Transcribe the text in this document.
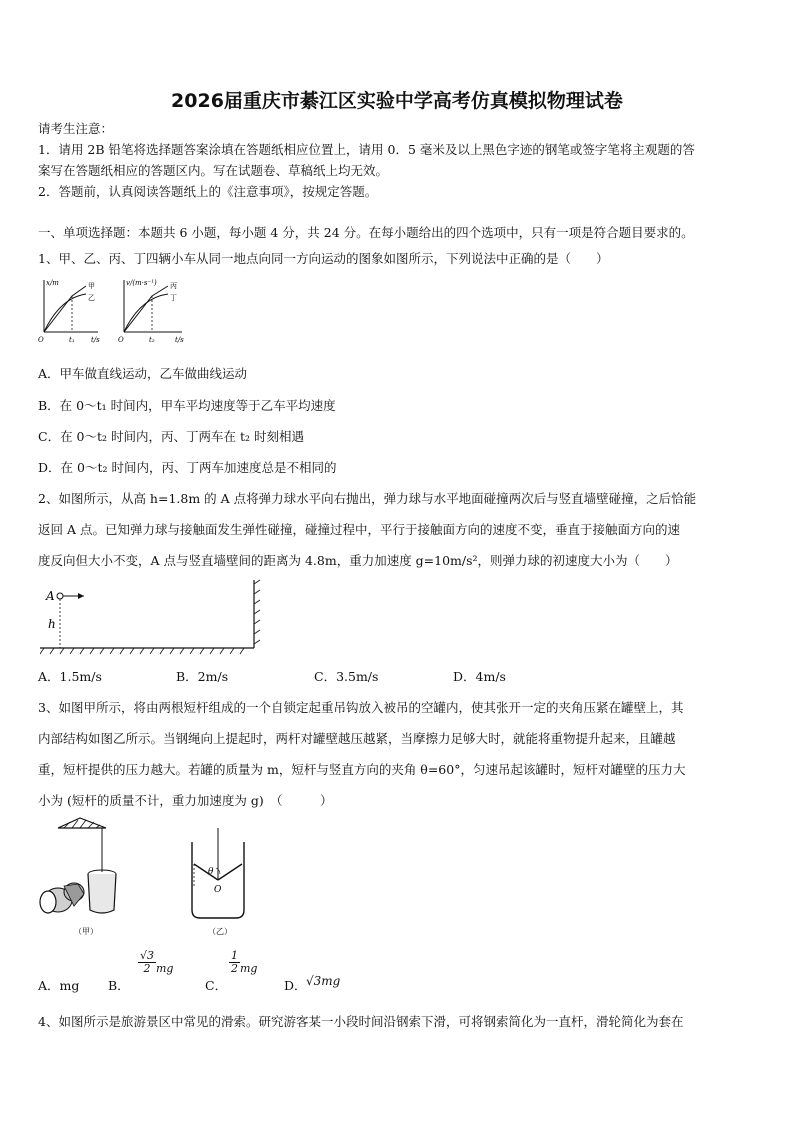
2026届重庆市綦江区实验中学高考仿真模拟物理试卷
请考生注意：
1．请用 2B 铅笔将选择题答案涂填在答题纸相应位置上，请用 0．5 毫米及以上黑色字迹的钢笔或签字笔将主观题的答
案写在答题纸相应的答题区内。写在试题卷、草稿纸上均无效。
2．答题前，认真阅读答题纸上的《注意事项》，按规定答题。
一、单项选择题：本题共 6 小题，每小题 4 分，共 24 分。在每小题给出的四个选项中，只有一项是符合题目要求的。
1、甲、乙、丙、丁四辆小车从同一地点向同一方向运动的图象如图所示，下列说法中正确的是（　　）
x/m
O	t₁ t/s
甲
乙
v/(m·s⁻¹)
O	t₂	t/s
丙
丁
A．甲车做直线运动，乙车做曲线运动
B．在 0～t₁ 时间内，甲车平均速度等于乙车平均速度
C．在 0～t₂ 时间内，丙、丁两车在 t₂ 时刻相遇
D．在 0～t₂ 时间内，丙、丁两车加速度总是不相同的
2、如图所示，从高 h=1.8m 的 A 点将弹力球水平向右抛出，弹力球与水平地面碰撞两次后与竖直墙壁碰撞，之后恰能
返回 A 点。已知弹力球与接触面发生弹性碰撞，碰撞过程中，平行于接触面方向的速度不变，垂直于接触面方向的速
度反向但大小不变，A 点与竖直墙壁间的距离为 4.8m，重力加速度 g=10m/s²，则弹力球的初速度大小为（　　）
A
h
A．1.5m/s	B．2m/s	C．3.5m/s	D．4m/s
3、如图甲所示，将由两根短杆组成的一个自锁定起重吊钩放入被吊的空罐内，使其张开一定的夹角压紧在罐壁上，其
内部结构如图乙所示。当钢绳向上提起时，两杆对罐壁越压越紧，当摩擦力足够大时，就能将重物提升起来，且罐越
重，短杆提供的压力越大。若罐的质量为 m，短杆与竖直方向的夹角 θ=60°，匀速吊起该罐时，短杆对罐壁的压力大
小为 (短杆的质量不计，重力加速度为 g)　（　　　）
（甲）
θ
O
（乙）
A．mg B．
$\frac{√3}{2}$ mg
C．
$\frac{1}{2}$ mg
D． √3mg
4、如图所示是旅游景区中常见的滑索。研究游客某一小段时间沿钢索下滑，可将钢索简化为一直杆，滑轮简化为套在
